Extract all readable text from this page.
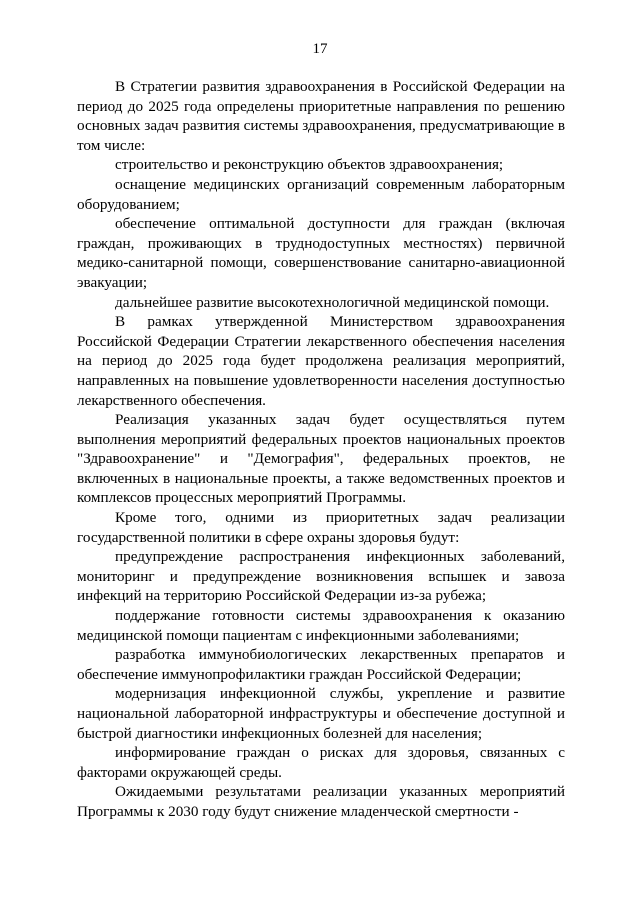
17

В Стратегии развития здравоохранения в Российской Федерации на период до 2025 года определены приоритетные направления по решению основных задач развития системы здравоохранения, предусматривающие в том числе:

строительство и реконструкцию объектов здравоохранения;

оснащение медицинских организаций современным лабораторным оборудованием;

обеспечение оптимальной доступности для граждан (включая граждан, проживающих в труднодоступных местностях) первичной медико-санитарной помощи, совершенствование санитарно-авиационной эвакуации;

дальнейшее развитие высокотехнологичной медицинской помощи.

В рамках утвержденной Министерством здравоохранения Российской Федерации Стратегии лекарственного обеспечения населения на период до 2025 года будет продолжена реализация мероприятий, направленных на повышение удовлетворенности населения доступностью лекарственного обеспечения.

Реализация указанных задач будет осуществляться путем выполнения мероприятий федеральных проектов национальных проектов "Здравоохранение" и "Демография", федеральных проектов, не включенных в национальные проекты, а также ведомственных проектов и комплексов процессных мероприятий Программы.

Кроме того, одними из приоритетных задач реализации государственной политики в сфере охраны здоровья будут:

предупреждение распространения инфекционных заболеваний, мониторинг и предупреждение возникновения вспышек и завоза инфекций на территорию Российской Федерации из-за рубежа;

поддержание готовности системы здравоохранения к оказанию медицинской помощи пациентам с инфекционными заболеваниями;

разработка иммунобиологических лекарственных препаратов и обеспечение иммунопрофилактики граждан Российской Федерации;

модернизация инфекционной службы, укрепление и развитие национальной лабораторной инфраструктуры и обеспечение доступной и быстрой диагностики инфекционных болезней для населения;

информирование граждан о рисках для здоровья, связанных с факторами окружающей среды.

Ожидаемыми результатами реализации указанных мероприятий Программы к 2030 году будут снижение младенческой смертности -
